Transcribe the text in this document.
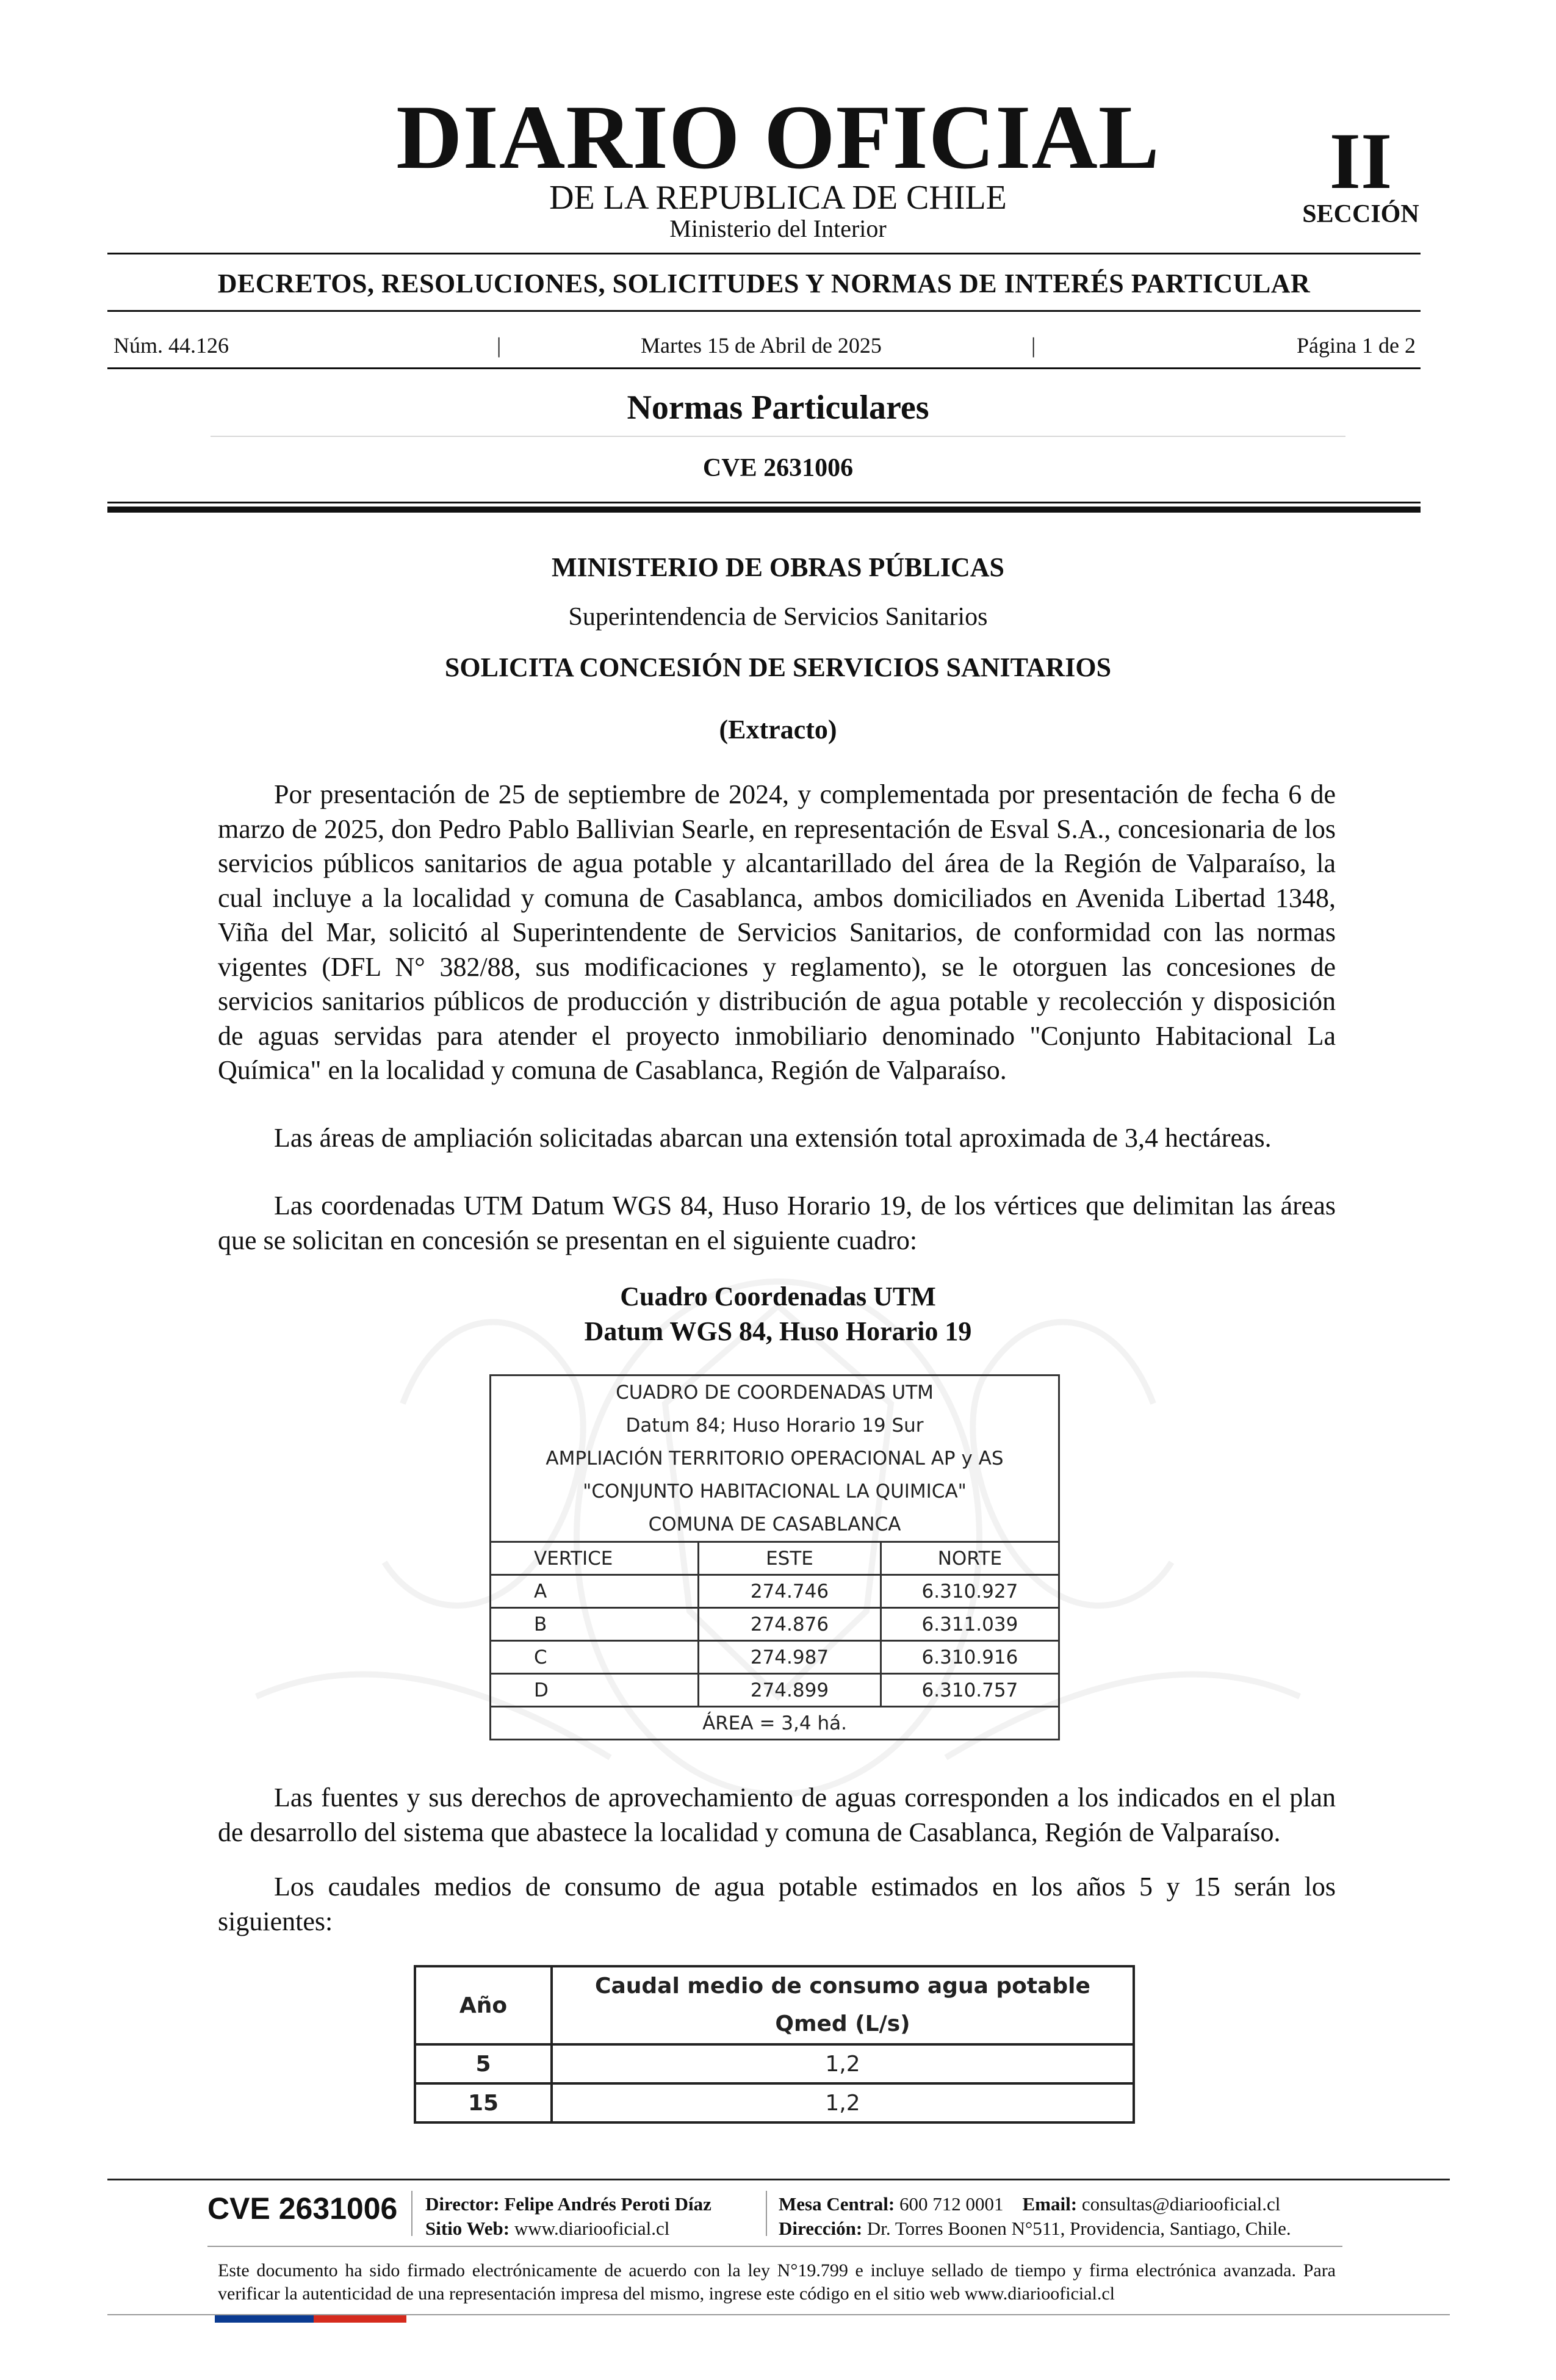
DIARIO OFICIAL
DE LA REPUBLICA DE CHILE
Ministerio del Interior
II
SECCIÓN
DECRETOS, RESOLUCIONES, SOLICITUDES Y NORMAS DE INTERÉS PARTICULAR
Núm. 44.126	|	Martes 15 de Abril de 2025	|	Página 1 de 2
Normas Particulares
CVE 2631006
MINISTERIO DE OBRAS PÚBLICAS
Superintendencia de Servicios Sanitarios
SOLICITA CONCESIÓN DE SERVICIOS SANITARIOS
(Extracto)

Por presentación de 25 de septiembre de 2024, y complementada por presentación de fecha 6 de marzo de 2025, don Pedro Pablo Ballivian Searle, en representación de Esval S.A., concesionaria de los servicios públicos sanitarios de agua potable y alcantarillado del área de la Región de Valparaíso, la cual incluye a la localidad y comuna de Casablanca, ambos domiciliados en Avenida Libertad 1348, Viña del Mar, solicitó al Superintendente de Servicios Sanitarios, de conformidad con las normas vigentes (DFL N° 382/88, sus modificaciones y reglamento), se le otorguen las concesiones de servicios sanitarios públicos de producción y distribución de agua potable y recolección y disposición de aguas servidas para atender el proyecto inmobiliario denominado "Conjunto Habitacional La Química" en la localidad y comuna de Casablanca, Región de Valparaíso.

Las áreas de ampliación solicitadas abarcan una extensión total aproximada de 3,4 hectáreas.

Las coordenadas UTM Datum WGS 84, Huso Horario 19, de los vértices que delimitan las áreas que se solicitan en concesión se presentan en el siguiente cuadro:

Cuadro Coordenadas UTM
Datum WGS 84, Huso Horario 19
CUADRO DE COORDENADAS UTM
Datum 84; Huso Horario 19 Sur
AMPLIACIÓN TERRITORIO OPERACIONAL AP y AS
"CONJUNTO HABITACIONAL LA QUIMICA"
COMUNA DE CASABLANCA		

VERTICE	ESTE	NORTE
A	274.746	6.310.927
B	274.876	6.311.039
C	274.987	6.310.916
D	274.899	6.310.757
ÁREA = 3,4 há.		

Las fuentes y sus derechos de aprovechamiento de aguas corresponden a los indicados en el plan de desarrollo del sistema que abastece la localidad y comuna de Casablanca, Región de Valparaíso.

Los caudales medios de consumo de agua potable estimados en los años 5 y 15 serán los siguientes:

Año	Caudal medio de consumo agua potable
Qmed (L/s)

5	1,2
15	1,2
CVE 2631006 Director: Felipe Andrés Peroti Díaz
Sitio Web: www.diariooficial.cl
Mesa Central: 600 712 0001 Email: consultas@diariooficial.cl
Dirección: Dr. Torres Boonen N°511, Providencia, Santiago, Chile.
Este documento ha sido firmado electrónicamente de acuerdo con la ley N°19.799 e incluye sellado de tiempo y firma electrónica avanzada. Para verificar la autenticidad de una representación impresa del mismo, ingrese este código en el sitio web www.diariooficial.cl
